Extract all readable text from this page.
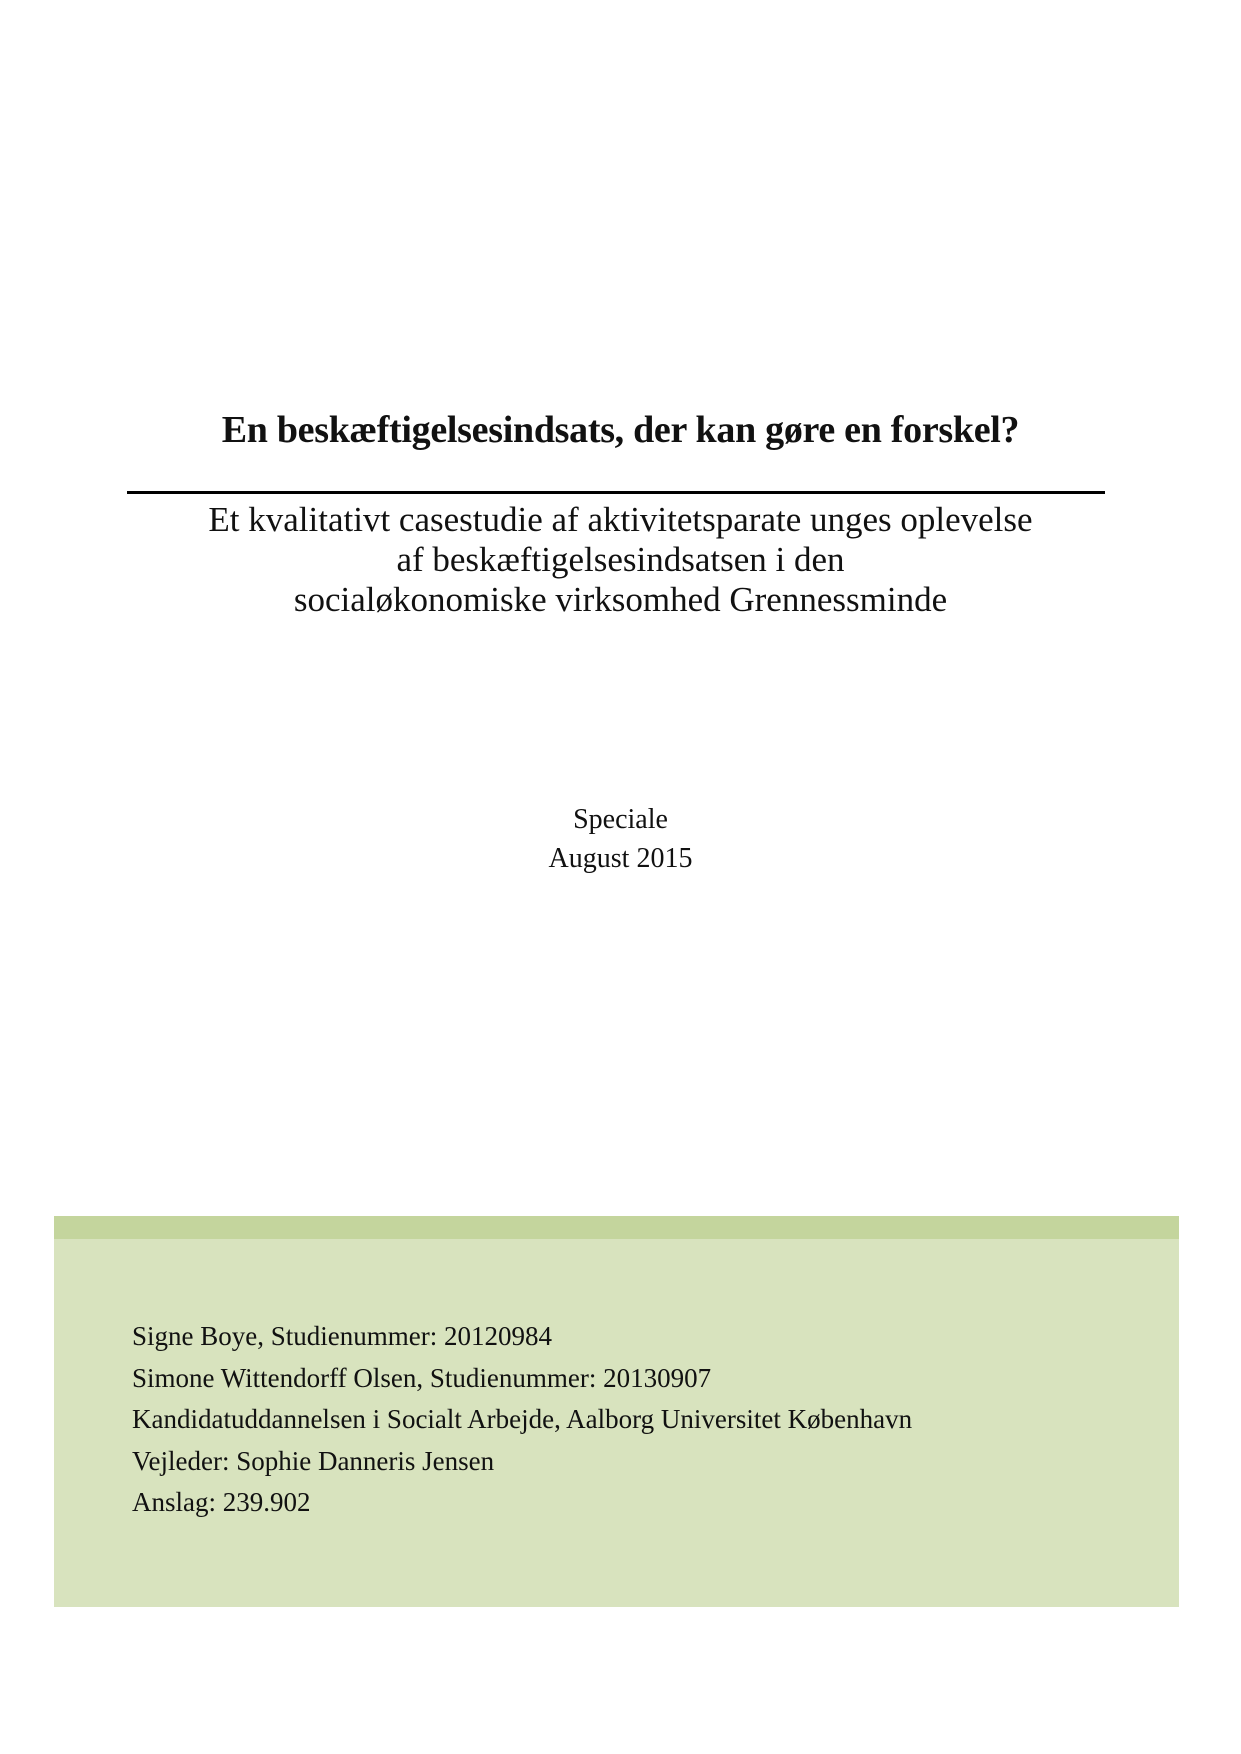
En beskæftigelsesindsats, der kan gøre en forskel?
Et kvalitativt casestudie af aktivitetsparate unges oplevelse
af beskæftigelsesindsatsen i den
socialøkonomiske virksomhed Grennessminde
Speciale
August 2015
Signe Boye, Studienummer: 20120984
Simone Wittendorff Olsen, Studienummer: 20130907
Kandidatuddannelsen i Socialt Arbejde, Aalborg Universitet København
Vejleder: Sophie Danneris Jensen
Anslag: 239.902
